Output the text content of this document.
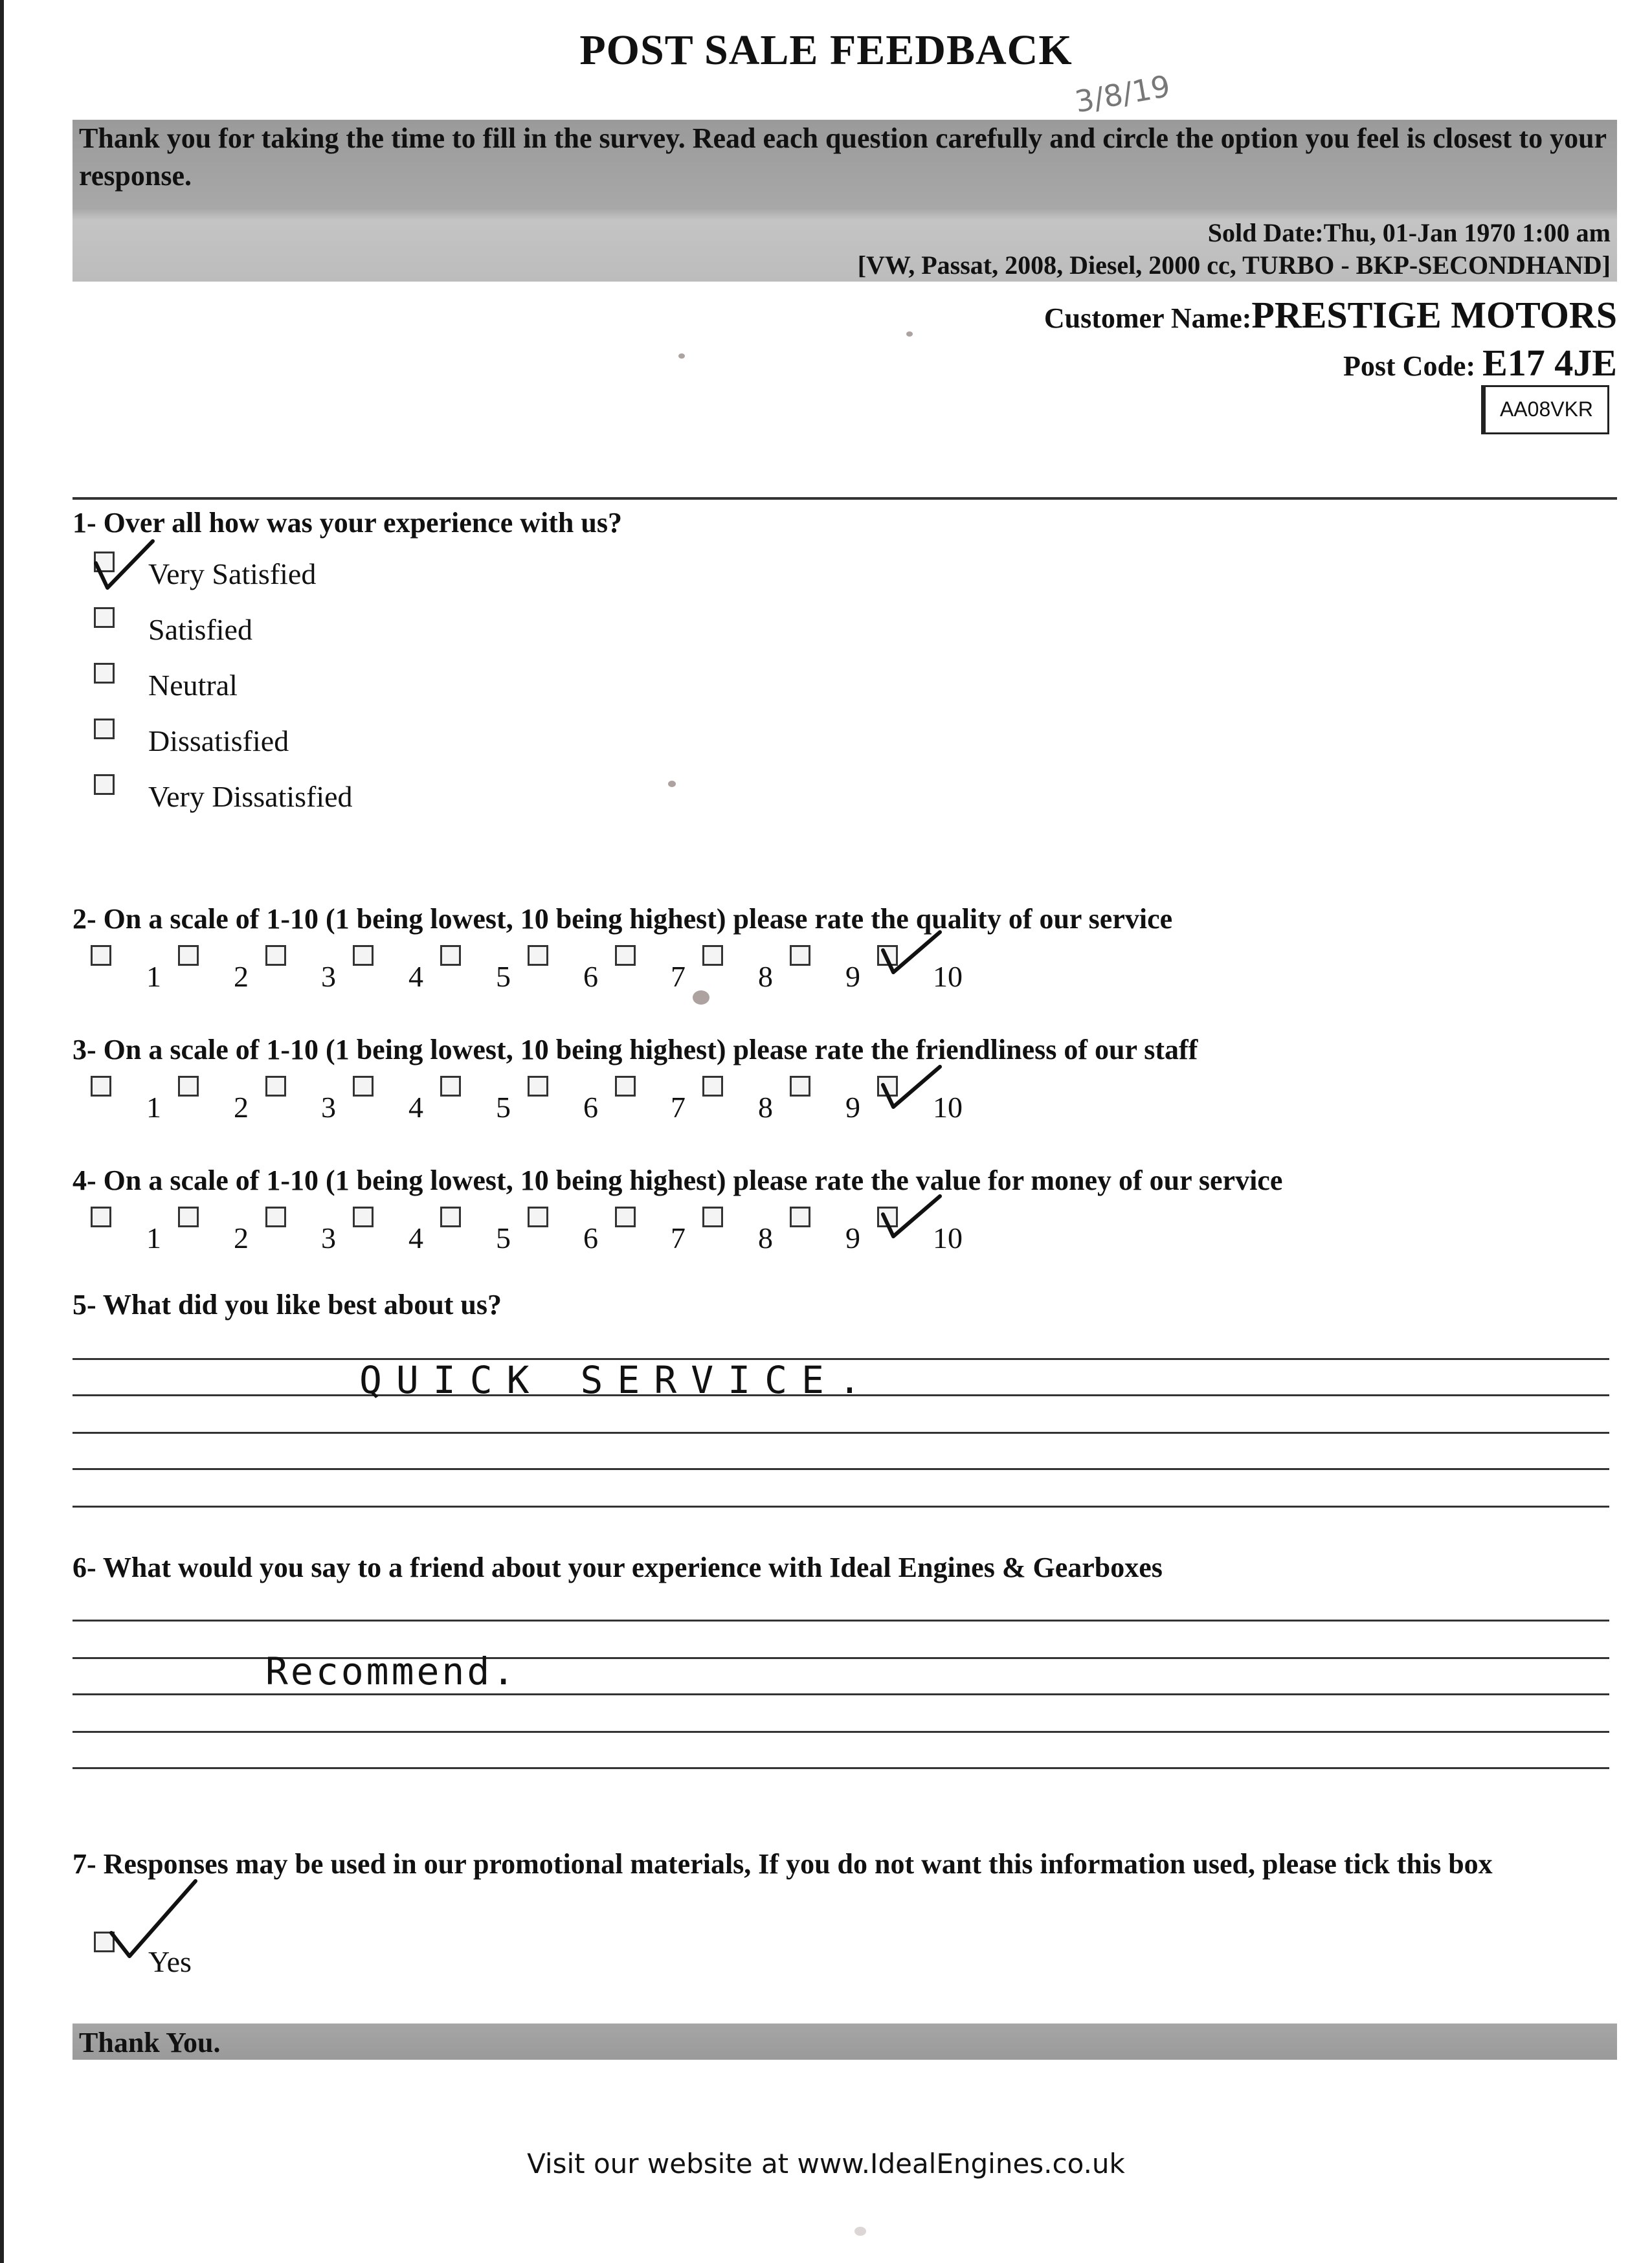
POST SALE FEEDBACK
3/8/19
Thank you for taking the time to fill in the survey. Read each question carefully and circle the option you feel is closest to your response.
Sold Date:Thu, 01-Jan 1970 1:00 am
[VW, Passat, 2008, Diesel, 2000 cc, TURBO - BKP-SECONDHAND]
Customer Name:PRESTIGE MOTORS
Post Code: E17 4JE
AA08VKR
1- Over all how was your experience with us?
Very Satisfied
Satisfied
Neutral
Dissatisfied
Very Dissatisfied
2- On a scale of 1-10 (1 being lowest, 10 being highest) please rate the quality of our service
1 2 3 4 5 6 7 8 9 10
3- On a scale of 1-10 (1 being lowest, 10 being highest) please rate the friendliness of our staff
1 2 3 4 5 6 7 8 9 10
4- On a scale of 1-10 (1 being lowest, 10 being highest) please rate the value for money of our service
1 2 3 4 5 6 7 8 9 10
5- What did you like best about us?
QUICK SERVICE.
6- What would you say to a friend about your experience with Ideal Engines & Gearboxes
Recommend.
7- Responses may be used in our promotional materials, If you do not want this information used, please tick this box
Yes
Thank You.
Visit our website at www.IdealEngines.co.uk
